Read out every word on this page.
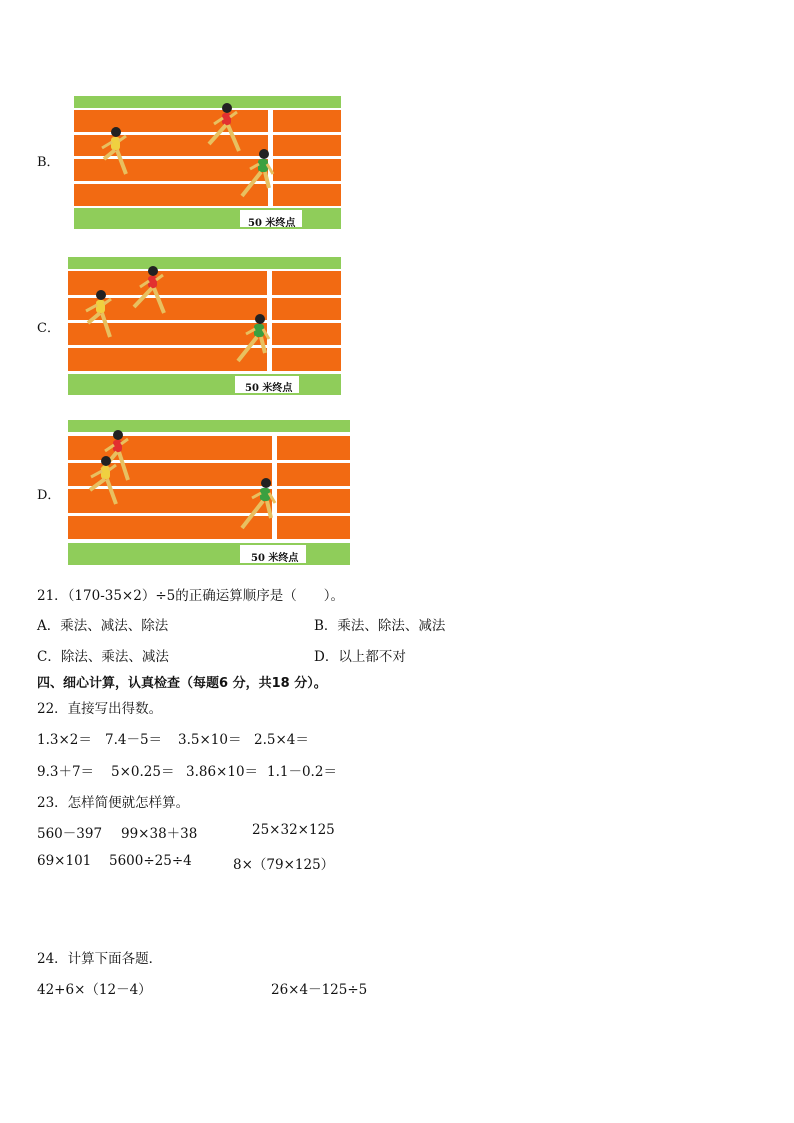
B．
50 米终点
C．
50 米终点
D．
50 米终点
21．（170-35×2）÷5的正确运算顺序是（　　）。
A．乘法、减法、除法	B．乘法、除法、减法
C．除法、乘法、减法	D．以上都不对
四、细心计算，认真检查（每题6 分，共18 分）。
22．直接写出得数。
1.3×2＝ 7.4－5＝ 3.5×10＝ 2.5×4＝
9.3＋7＝ 5×0.25＝ 3.86×10＝ 1.1－0.2＝
23．怎样简便就怎样算。
560－397 99×38＋38	25×32×125
69×101 5600÷25÷4	8×（79×125）
24．计算下面各题．
42+6×（12－4）	26×4－125÷5
